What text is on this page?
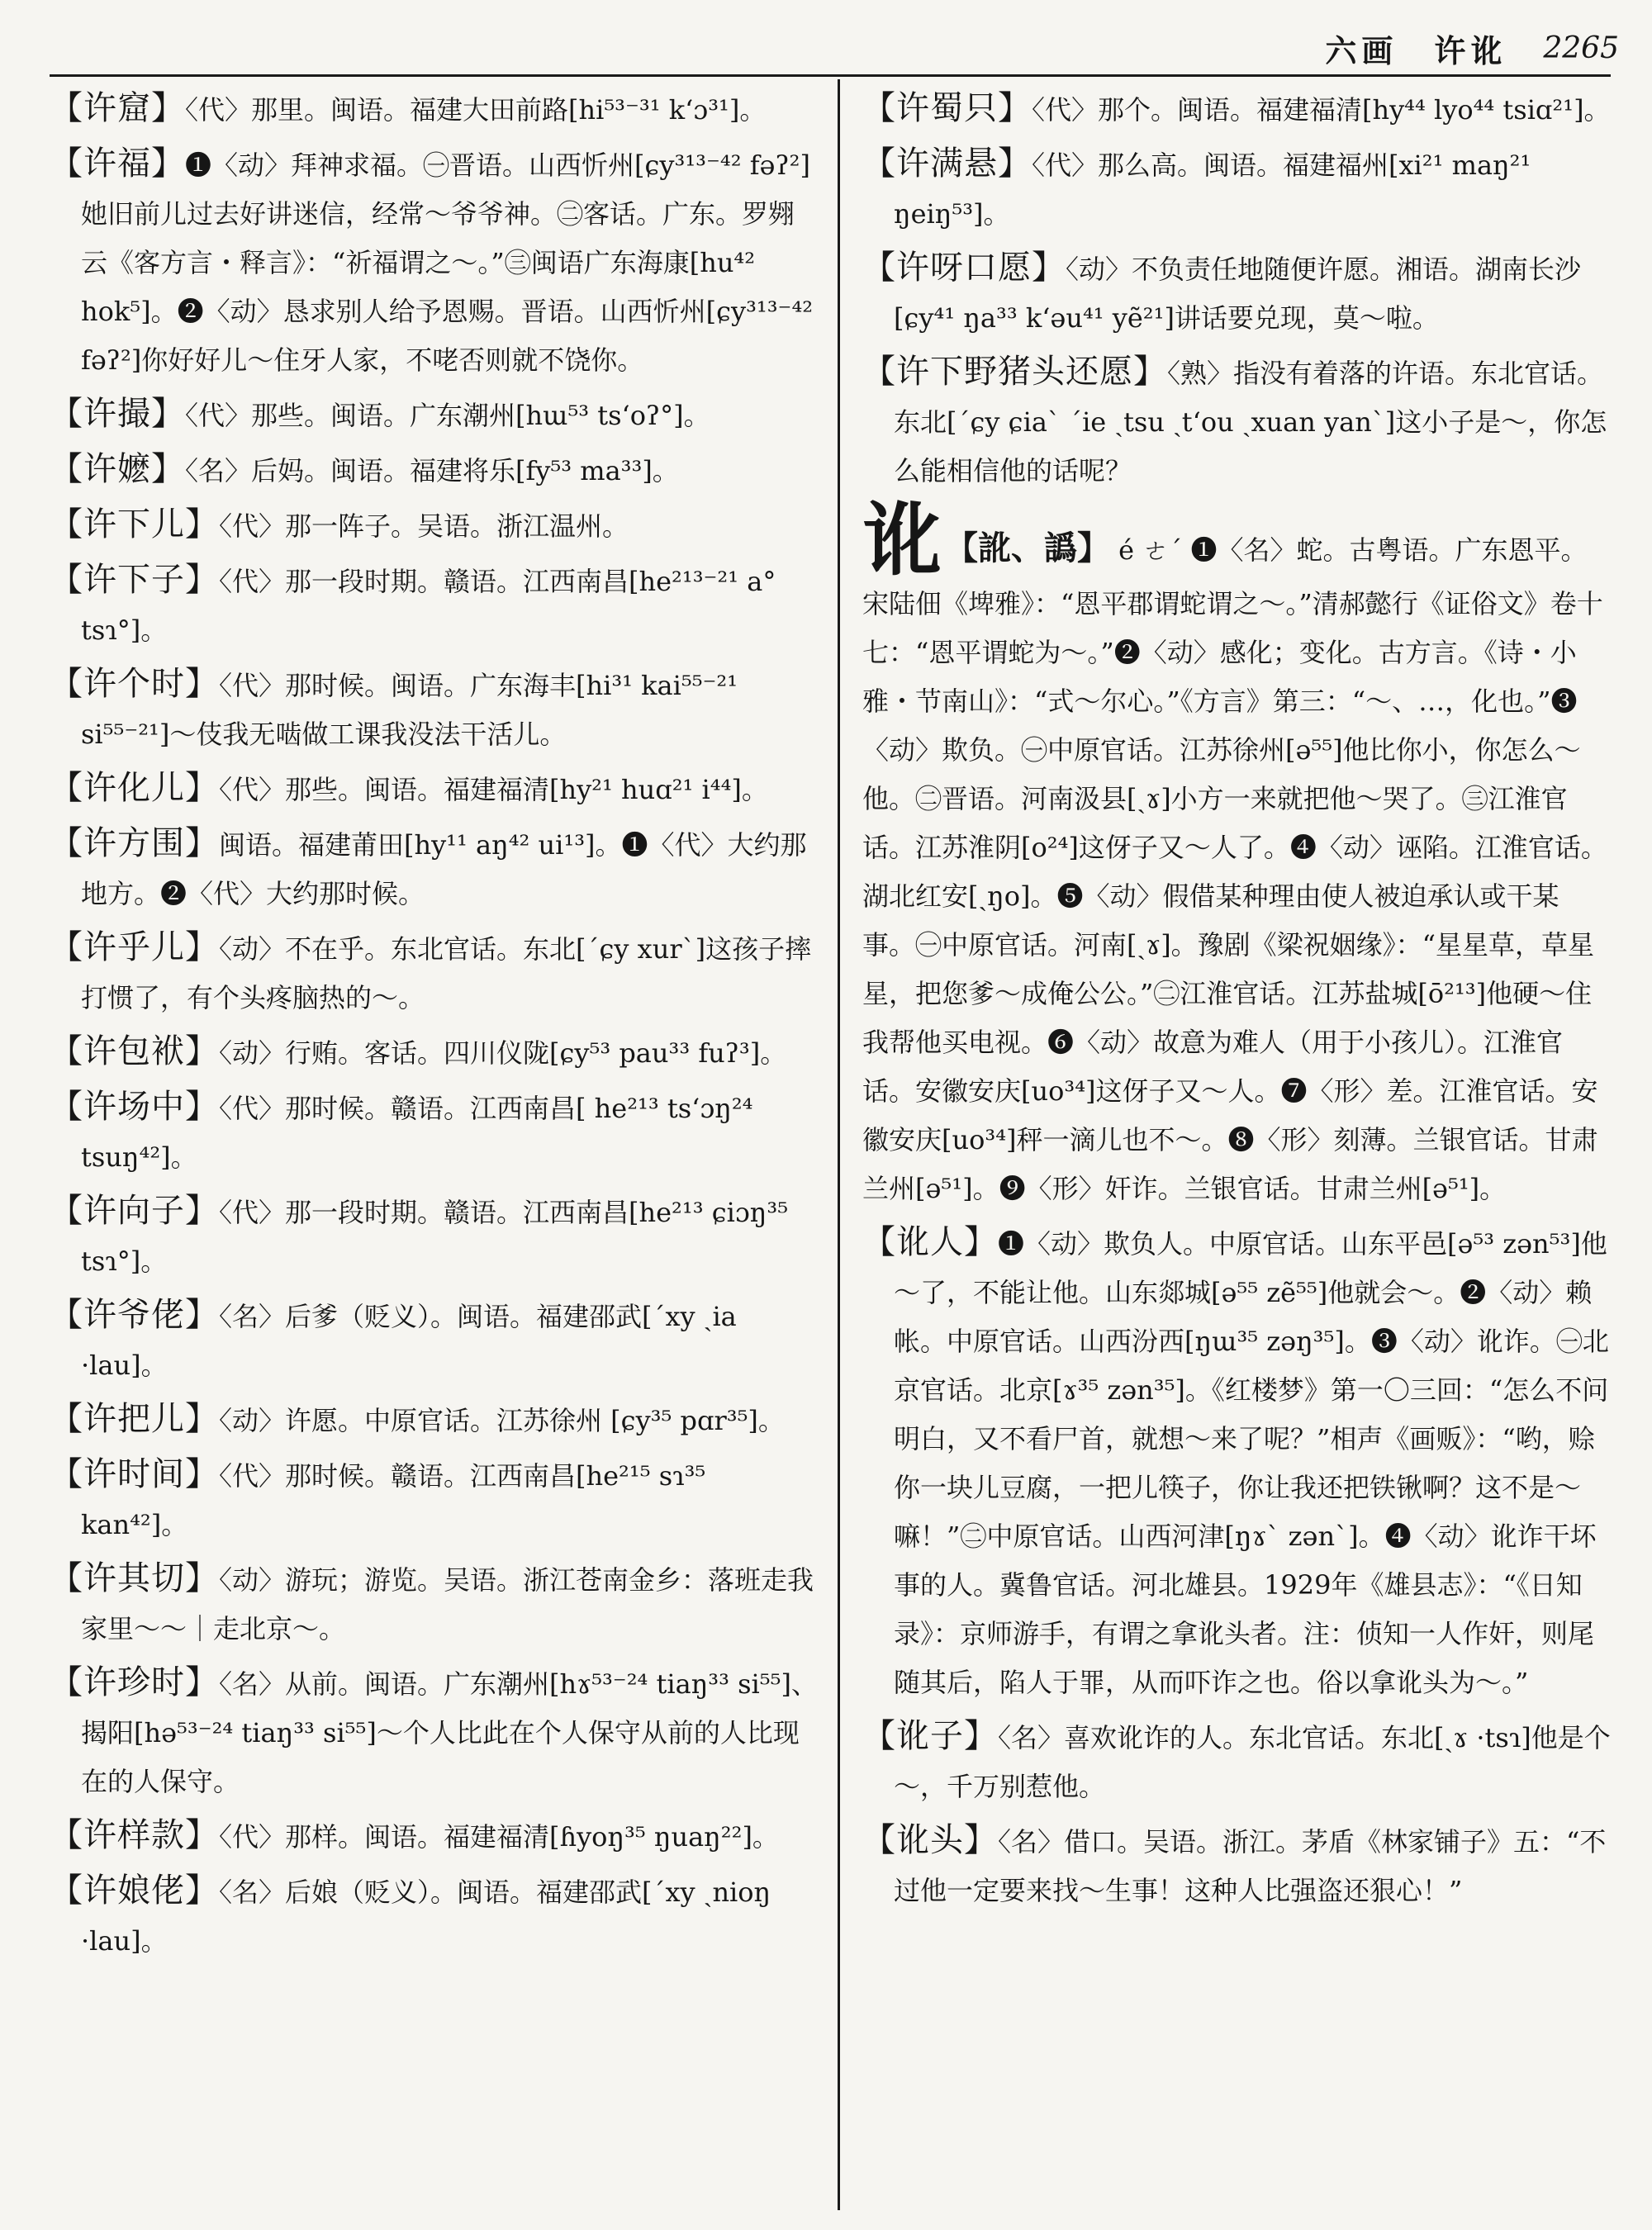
六画 许讹 2265

【许窟】〈代〉那里。闽语。福建大田前路[hi⁵³⁻³¹ k‘ɔ³¹]。

【许福】❶〈动〉拜神求福。㊀晋语。山西忻州[ɕy³¹³⁻⁴² fəʔ²]她旧前儿过去好讲迷信，经常～爷爷神。㊁客话。广东。罗翙云《客方言・释言》：“祈福谓之～。”㊂闽语广东海康[hu⁴² hok⁵]。❷〈动〉恳求别人给予恩赐。晋语。山西忻州[ɕy³¹³⁻⁴² fəʔ²]你好好儿～住牙人家，不咾否则就不饶你。

【许撮】〈代〉那些。闽语。广东潮州[hɯ⁵³ ts‘oʔ°]。

【许嬷】〈名〉后妈。闽语。福建将乐[fy⁵³ ma³³]。

【许下儿】〈代〉那一阵子。吴语。浙江温州。

【许下子】〈代〉那一段时期。赣语。江西南昌[he²¹³⁻²¹ a° tsɿ°]。

【许个时】〈代〉那时候。闽语。广东海丰[hi³¹ kai⁵⁵⁻²¹ si⁵⁵⁻²¹]～伎我无啮做工课我没法干活儿。

【许化儿】〈代〉那些。闽语。福建福清[hy²¹ huɑ²¹ i⁴⁴]。

【许方围】闽语。福建莆田[hy¹¹ aŋ⁴² ui¹³]。❶〈代〉大约那地方。❷〈代〉大约那时候。

【许乎儿】〈动〉不在乎。东北官话。东北[ˊɕy xurˋ]这孩子摔打惯了，有个头疼脑热的～。

【许包袱】〈动〉行贿。客话。四川仪陇[ɕy⁵³ pau³³ fuʔ³]。

【许场中】〈代〉那时候。赣语。江西南昌[ he²¹³ ts‘ɔŋ²⁴ tsuŋ⁴²]。

【许向子】〈代〉那一段时期。赣语。江西南昌[he²¹³ ɕiɔŋ³⁵ tsɿ°]。

【许爷佬】〈名〉后爹（贬义）。闽语。福建邵武[ˊxy ˏia ·lau]。

【许把儿】〈动〉许愿。中原官话。江苏徐州 [ɕy³⁵ pɑr³⁵]。

【许时间】〈代〉那时候。赣语。江西南昌[he²¹⁵ sɿ³⁵ kan⁴²]。

【许其切】〈动〉游玩；游览。吴语。浙江苍南金乡：落班走我家里～～｜走北京～。

【许珍时】〈名〉从前。闽语。广东潮州[hɤ⁵³⁻²⁴ tiaŋ³³ si⁵⁵]、揭阳[hə⁵³⁻²⁴ tiaŋ³³ si⁵⁵]～个人比此在个人保守从前的人比现在的人保守。

【许样款】〈代〉那样。闽语。福建福清[ɦyoŋ³⁵ ŋuaŋ²²]。

【许娘佬】〈名〉后娘（贬义）。闽语。福建邵武[ˊxy ˏnioŋ ·lau]。

【许蜀只】〈代〉那个。闽语。福建福清[hy⁴⁴ lyo⁴⁴ tsiɑ²¹]。

【许满悬】〈代〉那么高。闽语。福建福州[xi²¹ maŋ²¹ ŋeiŋ⁵³]。

【许呀口愿】〈动〉不负责任地随便许愿。湘语。湖南长沙[ɕy⁴¹ ŋa³³ k‘əu⁴¹ yẽ²¹]讲话要兑现，莫～啦。

【许下野猪头还愿】〈熟〉指没有着落的许语。东北官话。东北[ˊɕy ɕiaˋ ˊie ˏtsu ˏt‘ou ˏxuan yanˋ]这小子是～，你怎么能相信他的话呢？

讹 【訛、譌】 é ㄜˊ ❶〈名〉蛇。古粤语。广东恩平。宋陆佃《埤雅》：“恩平郡谓蛇谓之～。”清郝懿行《证俗文》卷十七：“恩平谓蛇为～。”❷〈动〉感化；变化。古方言。《诗・小雅・节南山》：“式～尔心。”《方言》第三：“～、…，化也。”❸〈动〉欺负。㊀中原官话。江苏徐州[ə⁵⁵]他比你小，你怎么～他。㊁晋语。河南汲县[ˏɤ]小方一来就把他～哭了。㊂江淮官话。江苏淮阴[o²⁴]这伢子又～人了。❹〈动〉诬陷。江淮官话。湖北红安[ˏŋo]。❺〈动〉假借某种理由使人被迫承认或干某事。㊀中原官话。河南[ˏɤ]。豫剧《梁祝姻缘》：“星星草，草星星，把您爹～成俺公公。”㊁江淮官话。江苏盐城[ō²¹³]他硬～住我帮他买电视。❻〈动〉故意为难人（用于小孩儿）。江淮官话。安徽安庆[uo³⁴]这伢子又～人。❼〈形〉差。江淮官话。安徽安庆[uo³⁴]秤一滴儿也不～。❽〈形〉刻薄。兰银官话。甘肃兰州[ə⁵¹]。❾〈形〉奸诈。兰银官话。甘肃兰州[ə⁵¹]。

【讹人】❶〈动〉欺负人。中原官话。山东平邑[ə⁵³ zən⁵³]他～了，不能让他。山东郯城[ə⁵⁵ zẽ⁵⁵]他就会～。❷〈动〉赖帐。中原官话。山西汾西[ŋɯ³⁵ zəŋ³⁵]。❸〈动〉讹诈。㊀北京官话。北京[ɤ³⁵ zən³⁵]。《红楼梦》第一〇三回：“怎么不问明白，又不看尸首，就想～来了呢？”相声《画贩》：“哟，赊你一块儿豆腐，一把儿筷子，你让我还把铁锹啊？这不是～嘛！”㊁中原官话。山西河津[ŋɤˋ zənˋ]。❹〈动〉讹诈干坏事的人。冀鲁官话。河北雄县。1929年《雄县志》：“《日知录》：京师游手，有谓之拿讹头者。注：侦知一人作奸，则尾随其后，陷人于罪，从而吓诈之也。俗以拿讹头为～。”

【讹子】〈名〉喜欢讹诈的人。东北官话。东北[ˏɤ ·tsɿ]他是个～，千万别惹他。

【讹头】〈名〉借口。吴语。浙江。茅盾《林家铺子》五：“不过他一定要来找～生事！这种人比强盗还狠心！”
